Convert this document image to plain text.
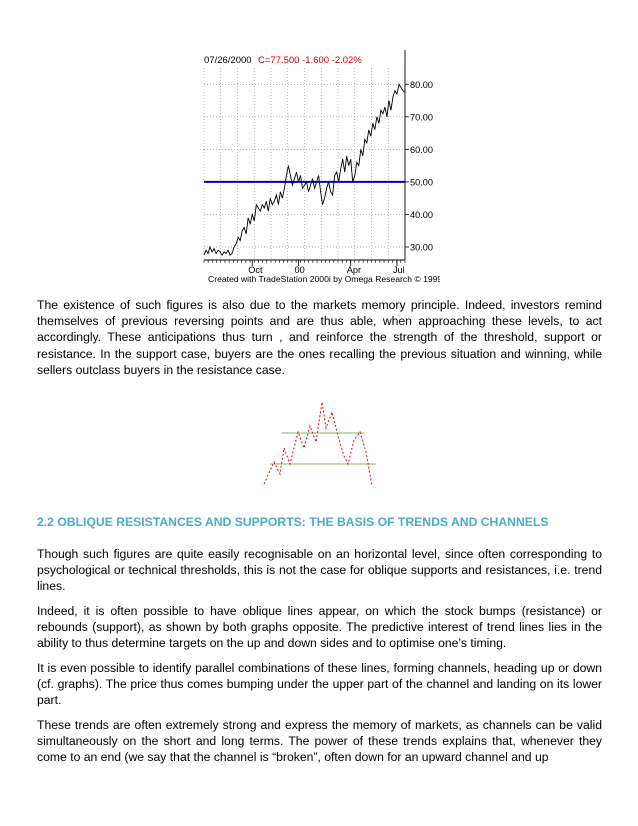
07/26/2000 C=77.500 -1.600 -2.02%
80.00
70.00
60.00
50.00
40.00
30.00
Oct	00	Apr	Jul
Created with TradeStation 2000i by Omega Research © 1999

The existence of such figures is also due to the markets memory principle. Indeed, investors remind themselves of previous reversing points and are thus able, when approaching these levels, to act accordingly. These anticipations thus turn , and reinforce the strength of the threshold, support or resistance. In the support case, buyers are the ones recalling the previous situation and winning, while sellers outclass buyers in the resistance case.

2.2 OBLIQUE RESISTANCES AND SUPPORTS: THE BASIS OF TRENDS AND CHANNELS

Though such figures are quite easily recognisable on an horizontal level, since often corresponding to psychological or technical thresholds, this is not the case for oblique supports and resistances, i.e. trend lines.

Indeed, it is often possible to have oblique lines appear, on which the stock bumps (resistance) or rebounds (support), as shown by both graphs opposite. The predictive interest of trend lines lies in the ability to thus determine targets on the up and down sides and to optimise one’s timing.

It is even possible to identify parallel combinations of these lines, forming channels, heading up or down (cf. graphs). The price thus comes bumping under the upper part of the channel and landing on its lower part.

These trends are often extremely strong and express the memory of markets, as channels can be valid simultaneously on the short and long terms. The power of these trends explains that, whenever they come to an end (we say that the channel is “broken”, often down for an upward channel and up
